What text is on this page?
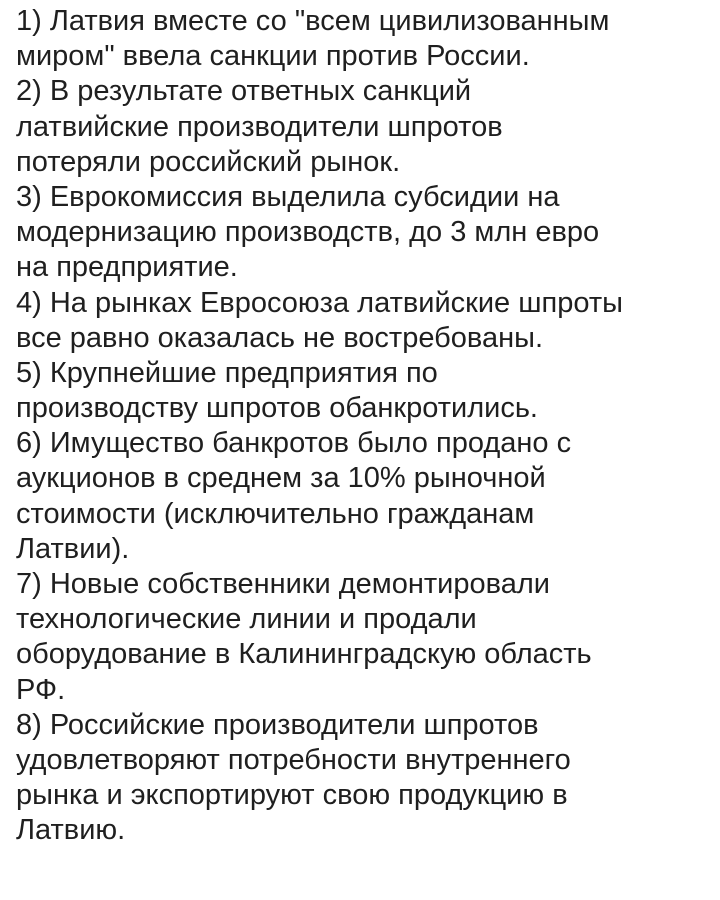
1) Латвия вместе со "всем цивилизованным
миром" ввела санкции против России.
2) В результате ответных санкций
латвийские производители шпротов
потеряли российский рынок.
3) Еврокомиссия выделила субсидии на
модернизацию производств, до 3 млн евро
на предприятие.
4) На рынках Евросоюза латвийские шпроты
все равно оказалась не востребованы.
5) Крупнейшие предприятия по
производству шпротов обанкротились.
6) Имущество банкротов было продано с
аукционов в среднем за 10% рыночной
стоимости (исключительно гражданам
Латвии).
7) Новые собственники демонтировали
технологические линии и продали
оборудование в Калининградскую область
РФ.
8) Российские производители шпротов
удовлетворяют потребности внутреннего
рынка и экспортируют свою продукцию в
Латвию.
